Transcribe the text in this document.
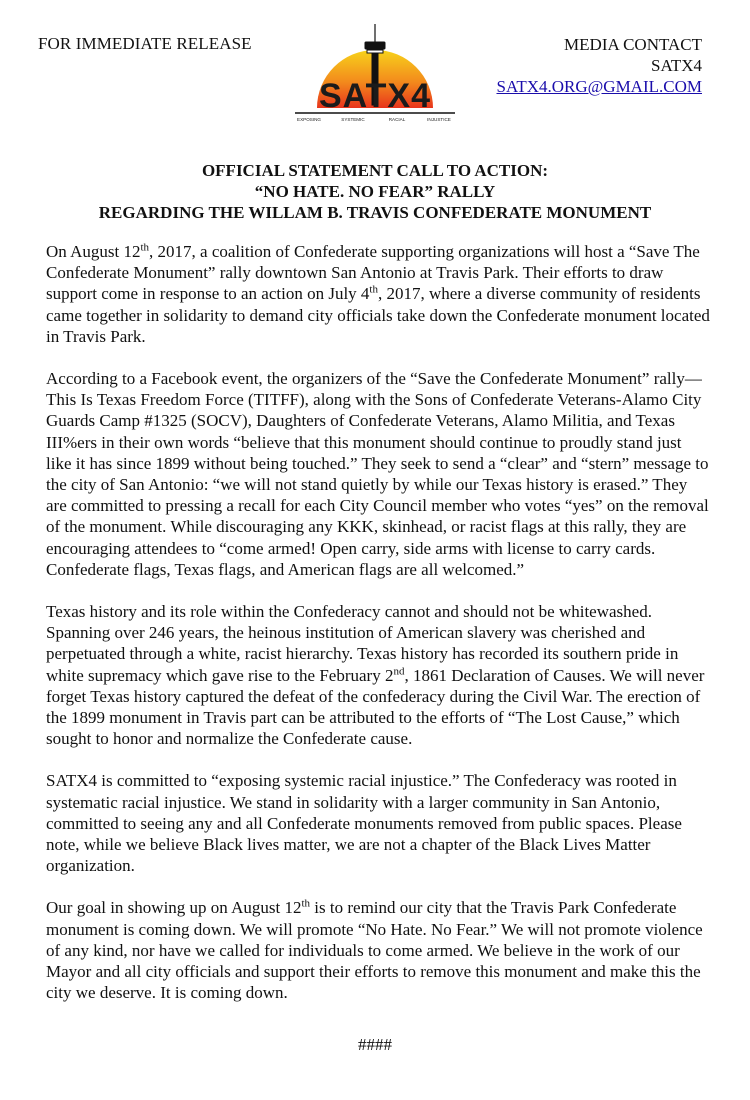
FOR IMMEDIATE RELEASE	MEDIA CONTACT
SATX4
SATX4.ORG@GMAIL.COM
SATX4
EXPOSING	SYSTEMIC	RACIAL	INJUSTICE
OFFICIAL STATEMENT CALL TO ACTION:
“NO HATE. NO FEAR” RALLY
REGARDING THE WILLAM B. TRAVIS CONFEDERATE MONUMENT

On August 12th, 2017, a coalition of Confederate supporting organizations will host a “Save The Confederate Monument” rally downtown San Antonio at Travis Park. Their efforts to draw support come in response to an action on July 4th, 2017, where a diverse community of residents came together in solidarity to demand city officials take down the Confederate monument located in Travis Park.

According to a Facebook event, the organizers of the “Save the Confederate Monument” rally—This Is Texas Freedom Force (TITFF), along with the Sons of Confederate Veterans-Alamo City Guards Camp #1325 (SOCV), Daughters of Confederate Veterans, Alamo Militia, and Texas III%ers in their own words “believe that this monument should continue to proudly stand just like it has since 1899 without being touched.” They seek to send a “clear” and “stern” message to the city of San Antonio: “we will not stand quietly by while our Texas history is erased.” They are committed to pressing a recall for each City Council member who votes “yes” on the removal of the monument. While discouraging any KKK, skinhead, or racist flags at this rally, they are encouraging attendees to “come armed! Open carry, side arms with license to carry cards. Confederate flags, Texas flags, and American flags are all welcomed.”

Texas history and its role within the Confederacy cannot and should not be whitewashed. Spanning over 246 years, the heinous institution of American slavery was cherished and perpetuated through a white, racist hierarchy. Texas history has recorded its southern pride in white supremacy which gave rise to the February 2nd, 1861 Declaration of Causes. We will never forget Texas history captured the defeat of the confederacy during the Civil War. The erection of the 1899 monument in Travis part can be attributed to the efforts of “The Lost Cause,” which sought to honor and normalize the Confederate cause.

SATX4 is committed to “exposing systemic racial injustice.” The Confederacy was rooted in systematic racial injustice. We stand in solidarity with a larger community in San Antonio, committed to seeing any and all Confederate monuments removed from public spaces. Please note, while we believe Black lives matter, we are not a chapter of the Black Lives Matter organization.

Our goal in showing up on August 12th is to remind our city that the Travis Park Confederate monument is coming down. We will promote “No Hate. No Fear.” We will not promote violence of any kind, nor have we called for individuals to come armed. We believe in the work of our Mayor and all city officials and support their efforts to remove this monument and make this the city we deserve. It is coming down.

####
